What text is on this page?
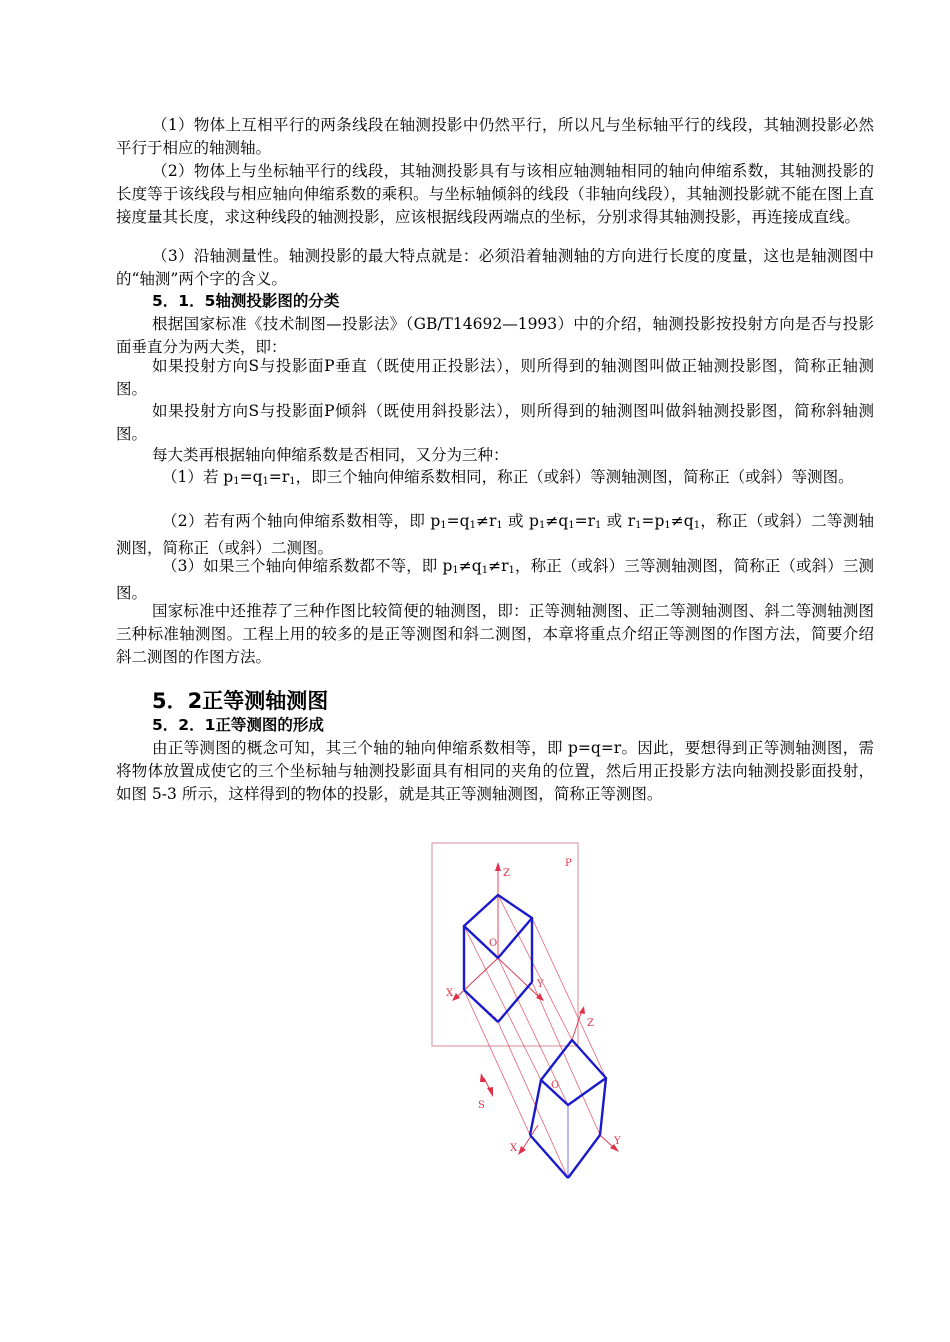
（1）物体上互相平行的两条线段在轴测投影中仍然平行，所以凡与坐标轴平行的线段，其轴测投影必然平行于相应的轴测轴。
（2）物体上与坐标轴平行的线段，其轴测投影具有与该相应轴测轴相同的轴向伸缩系数，其轴测投影的长度等于该线段与相应轴向伸缩系数的乘积。与坐标轴倾斜的线段（非轴向线段），其轴测投影就不能在图上直接度量其长度，求这种线段的轴测投影，应该根据线段两端点的坐标，分别求得其轴测投影，再连接成直线。
（3）沿轴测量性。轴测投影的最大特点就是：必须沿着轴测轴的方向进行长度的度量，这也是轴测图中的“轴测”两个字的含义。
5．1．5轴测投影图的分类
根据国家标准《技术制图—投影法》（GB/T14692—1993）中的介绍，轴测投影按投射方向是否与投影面垂直分为两大类，即：
如果投射方向S与投影面P垂直（既使用正投影法），则所得到的轴测图叫做正轴测投影图，简称正轴测图。
如果投射方向S与投影面P倾斜（既使用斜投影法），则所得到的轴测图叫做斜轴测投影图，简称斜轴测图。
每大类再根据轴向伸缩系数是否相同，又分为三种：
（1）若 $p_1=q_1=r_1$，即三个轴向伸缩系数相同，称正（或斜）等测轴测图，简称正（或斜）等测图。
（2）若有两个轴向伸缩系数相等，即 $p_1=q_1\ne r_1$ 或 $p_1\ne q_1=r_1$ 或 $r_1=p_1\ne q_1$，称正（或斜）二等测轴测图，简称正（或斜）二测图。
（3）如果三个轴向伸缩系数都不等，即 $p_1\ne q_1\ne r_1$，称正（或斜）三等测轴测图，简称正（或斜）三测图。
国家标准中还推荐了三种作图比较简便的轴测图，即：正等测轴测图、正二等测轴测图、斜二等测轴测图三种标准轴测图。工程上用的较多的是正等测图和斜二测图，本章将重点介绍正等测图的作图方法，简要介绍斜二测图的作图方法。
5．2正等测轴测图
5．2．1正等测图的形成
由正等测图的概念可知，其三个轴的轴向伸缩系数相等，即 p=q=r。因此，要想得到正等测轴测图，需将物体放置成使它的三个坐标轴与轴测投影面具有相同的夹角的位置，然后用正投影方法向轴测投影面投射，如图 5-3 所示，这样得到的物体的投影，就是其正等测轴测图，简称正等测图。
P
Z
O
X
Y
Z
O
X
Y
S
